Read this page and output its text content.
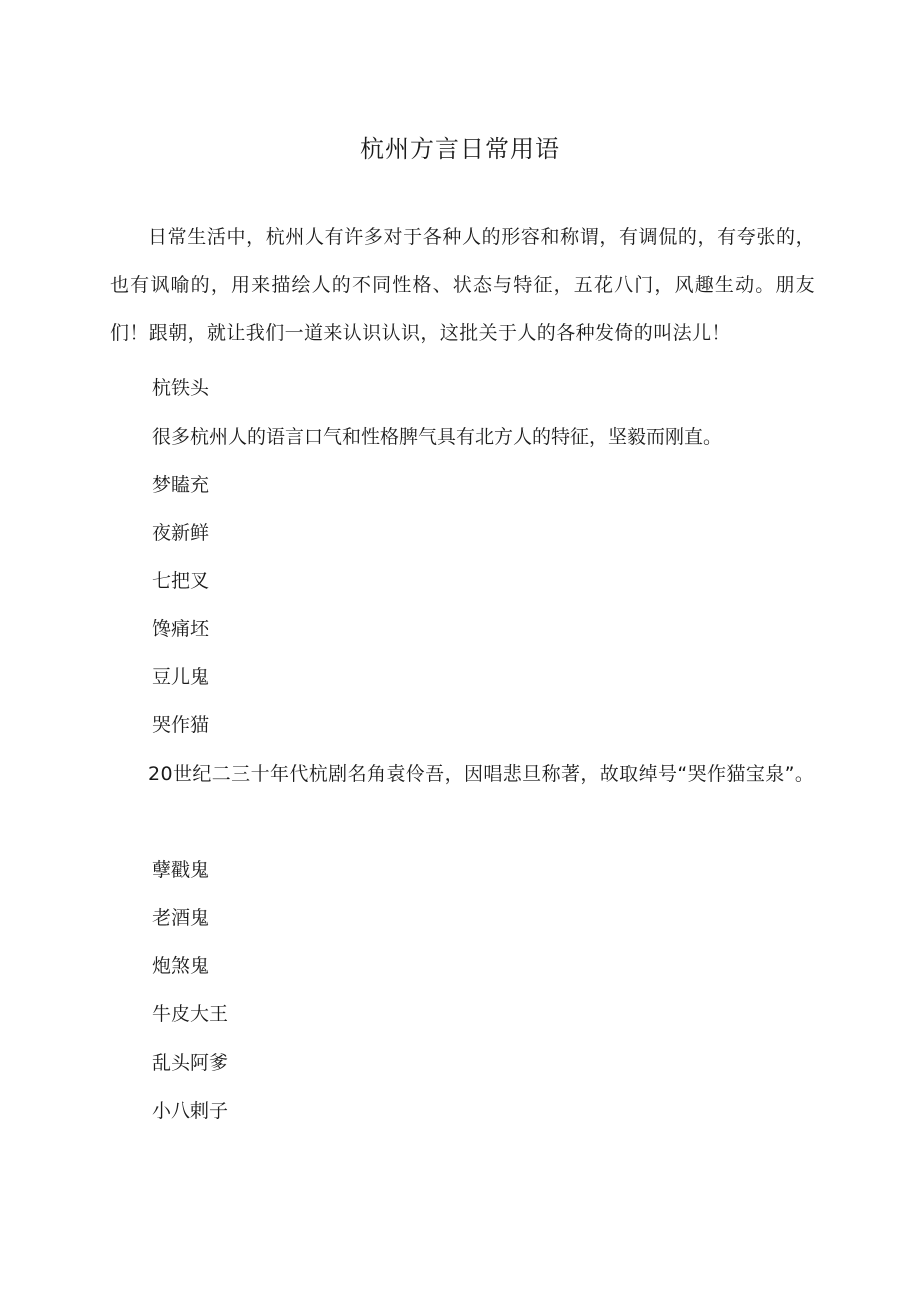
杭州方言日常用语

日常生活中，杭州人有许多对于各种人的形容和称谓，有调侃的，有夸张的，也有讽喻的，用来描绘人的不同性格、状态与特征，五花八门，风趣生动。朋友们！跟朝，就让我们一道来认识认识，这批关于人的各种发倚的叫法儿！

杭铁头

很多杭州人的语言口气和性格脾气具有北方人的特征，坚毅而刚直。

梦瞌充

夜新鲜

七把叉

馋痛坯

豆儿鬼

哭作猫

20世纪二三十年代杭剧名角袁伶吾，因唱悲旦称著，故取绰号“哭作猫宝泉”。

孽戳鬼

老酒鬼

炮煞鬼

牛皮大王

乱头阿爹

小八剌子
